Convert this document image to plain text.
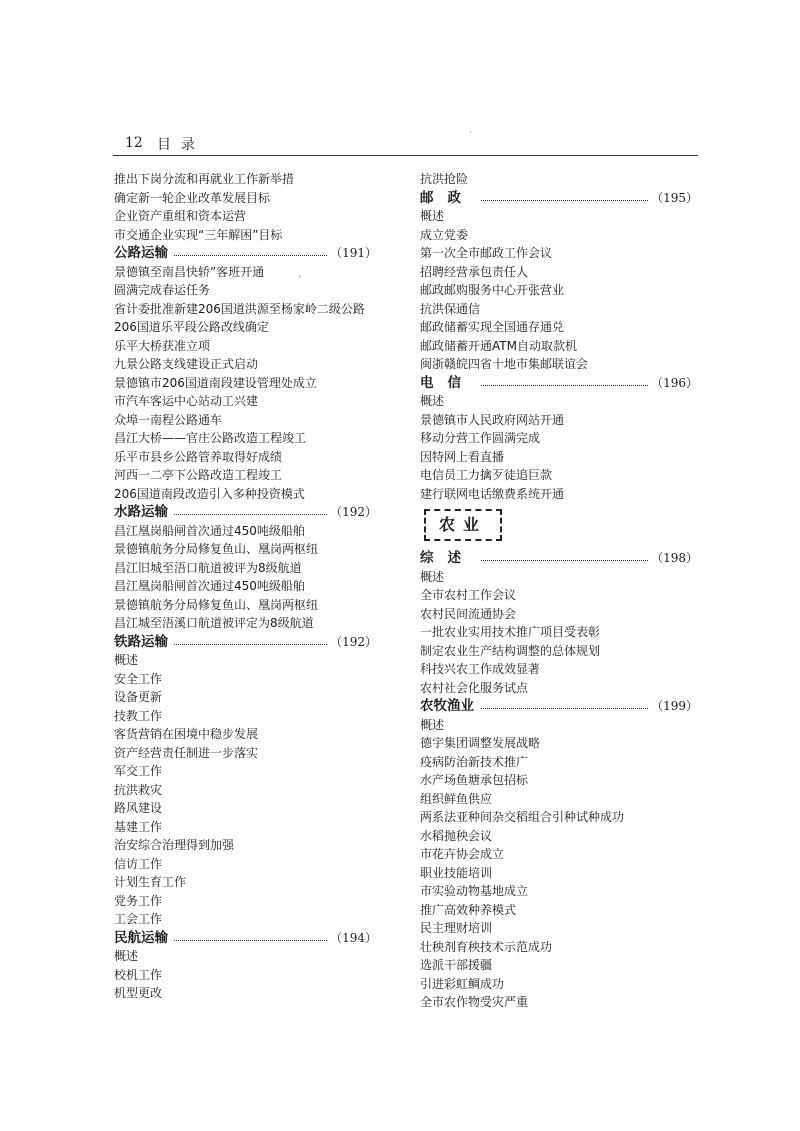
·
ˊ
12 目录
推出下岗分流和再就业工作新举措
确定新一轮企业改革发展目标
企业资产重组和资本运营
市交通企业实现“三年解困”目标
公路运输	（191）
景德镇至南昌快轿”客班开通
圆满完成春运任务
省计委批准新建206国道洪源至杨家岭二级公路
206国道乐平段公路改线确定
乐平大桥获准立项
九景公路支线建设正式启动
景德镇市206国道南段建设管理处成立
市汽车客运中心站动工兴建
众埠一南程公路通车
昌江大桥——官庄公路改造工程竣工
乐平市县乡公路管养取得好成绩
河西一二亭下公路改造工程竣工
206国道南段改造引入多种投资模式
水路运输	（192）
昌江凰岗船闸首次通过450吨级船舶
景德镇航务分局修复鱼山、凰岗两枢纽
昌江旧城至浯口航道被评为8级航道
昌江凰岗船闸首次通过450吨级船舶
景德镇航务分局修复鱼山、凰岗两枢纽
昌江城至浯溪口航道被评定为8级航道
铁路运输	（192）
概述
安全工作
设备更新
技教工作
客货营销在困境中稳步发展
资产经营责任制进一步落实
军交工作
抗洪救灾
路风建设
基建工作
治安综合治理得到加强
信访工作
计划生育工作
党务工作
工会工作
民航运输	（194）
概述
校机工作
机型更改
抗洪抢险
邮政	（195）
概述
成立党委
第一次全市邮政工作会议
招聘经营承包责任人
邮政邮购服务中心开张营业
抗洪保通信
邮政储蓄实现全国通存通兑
邮政储蓄开通ATM自动取款机
闽浙赣皖四省十地市集邮联谊会
电信	（196）
概述
景德镇市人民政府网站开通
移动分营工作圆满完成
因特网上看直播
电信员工力擒歹徒追巨款
建行联网电话缴费系统开通
农业
综述	（198）
概述
全市农村工作会议
农村民间流通协会
一批农业实用技术推广项目受表彰
制定农业生产结构调整的总体规划
科技兴农工作成效显著
农村社会化服务试点
农牧渔业	（199）
概述
德宇集团调整发展战略
疫病防治新技术推广
水产场鱼塘承包招标
组织鲜鱼供应
两系法亚种间杂交稻组合引种试种成功
水稻抛秧会议
市花卉协会成立
职业技能培训
市实验动物基地成立
推广高效种养模式
民主理财培训
壮秧剂育秧技术示范成功
选派干部援疆
引进彩虹鲷成功
全市农作物受灾严重
